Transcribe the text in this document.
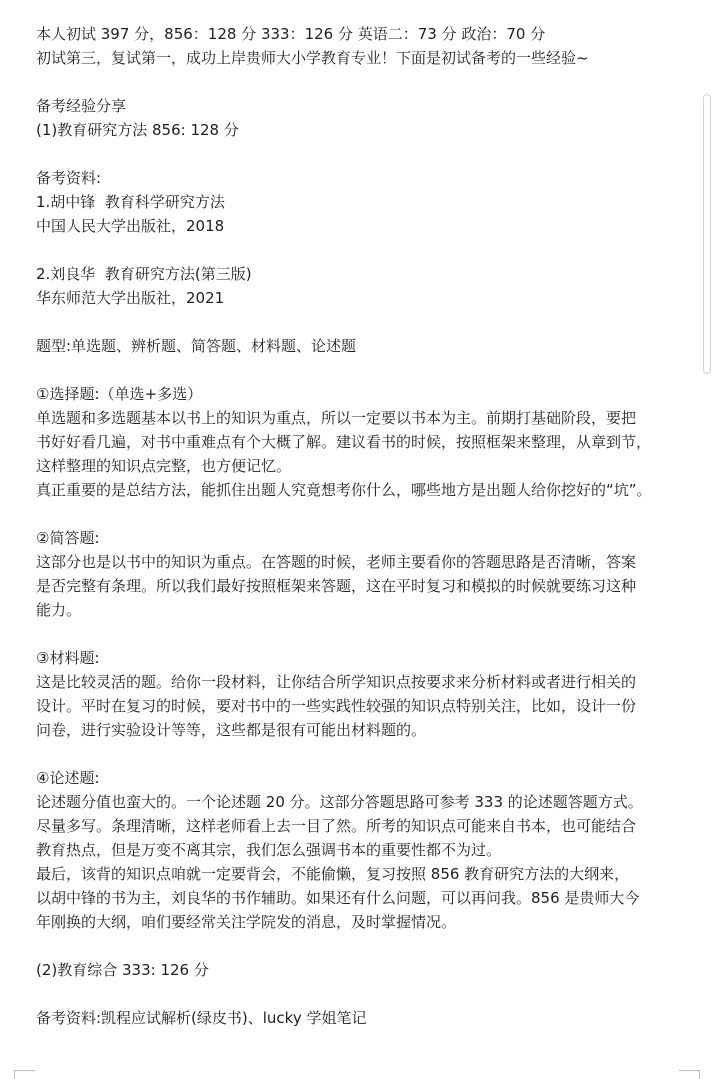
本人初试 397 分，856：128 分 333：126 分 英语二：73 分 政治：70 分

初试第三，复试第一，成功上岸贵师大小学教育专业！下面是初试备考的一些经验~

备考经验分享

(1)教育研究方法 856: 128 分

备考资料:

1.胡中锋  教育科学研究方法

中国人民大学出版社，2018

2.刘良华  教育研究方法(第三版)

华东师范大学出版社，2021

题型:单选题、辨析题、简答题、材料题、论述题

①选择题:（单选+多选）

单选题和多选题基本以书上的知识为重点，所以一定要以书本为主。前期打基础阶段，要把

书好好看几遍，对书中重难点有个大概了解。建议看书的时候，按照框架来整理，从章到节，

这样整理的知识点完整，也方便记忆。

真正重要的是总结方法，能抓住出题人究竟想考你什么，哪些地方是出题人给你挖好的“坑”。

②简答题:

这部分也是以书中的知识为重点。在答题的时候，老师主要看你的答题思路是否清晰，答案

是否完整有条理。所以我们最好按照框架来答题，这在平时复习和模拟的时候就要练习这种

能力。

③材料题:

这是比较灵活的题。给你一段材料，让你结合所学知识点按要求来分析材料或者进行相关的

设计。平时在复习的时候，要对书中的一些实践性较强的知识点特别关注，比如，设计一份

问卷，进行实验设计等等，这些都是很有可能出材料题的。

④论述题:

论述题分值也蛮大的。一个论述题 20 分。这部分答题思路可参考 333 的论述题答题方式。

尽量多写。条理清晰，这样老师看上去一目了然。所考的知识点可能来自书本，也可能结合

教育热点，但是万变不离其宗，我们怎么强调书本的重要性都不为过。

最后，该背的知识点咱就一定要背会，不能偷懒，复习按照 856 教育研究方法的大纲来，

以胡中锋的书为主，刘良华的书作辅助。如果还有什么问题，可以再问我。856 是贵师大今

年刚换的大纲，咱们要经常关注学院发的消息，及时掌握情况。

(2)教育综合 333: 126 分

备考资料:凯程应试解析(绿皮书)、lucky 学姐笔记
